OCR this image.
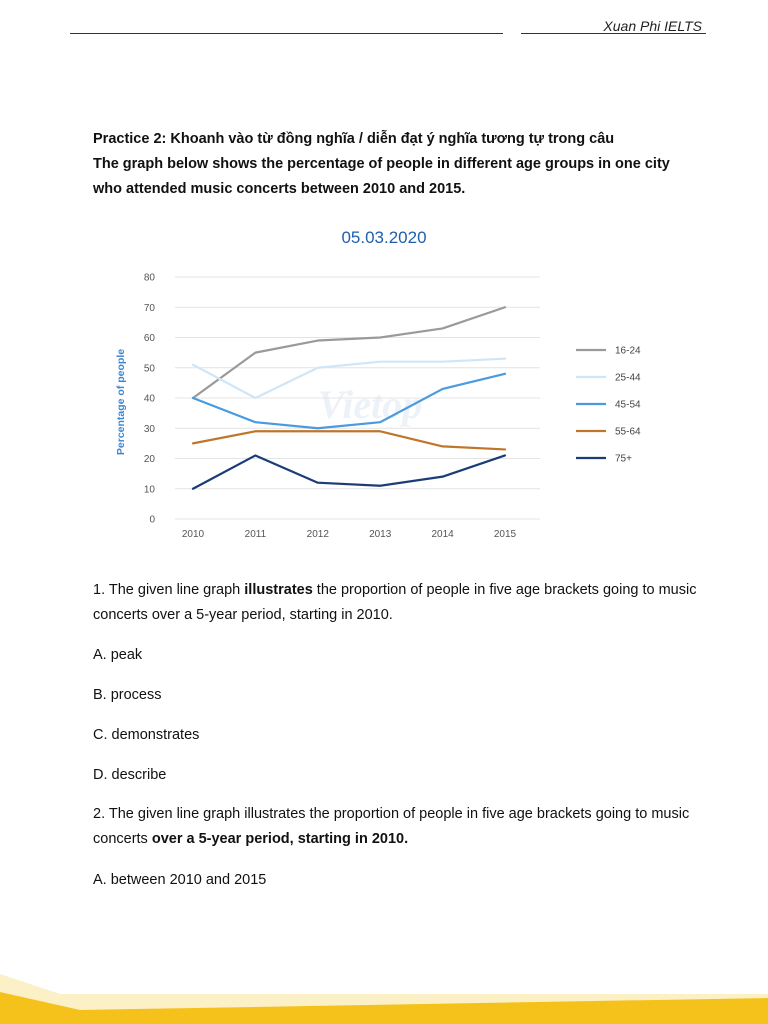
Xuan Phi IELTS

Practice 2: Khoanh vào từ đồng nghĩa / diễn đạt ý nghĩa tương tự trong câu

The graph below shows the percentage of people in different age groups in one city who attended music concerts between 2010 and 2015.

05.03.2020
Percentage of people	Vietop
0
10
20
30
40
50
60
70
80
2010	2011	2012	2013	2014	2015
16-24
25-44
45-54
55-64
75+
1. The given line graph illustrates the proportion of people in five age brackets going to music concerts over a 5-year period, starting in 2010.
A. peak
B. process
C. demonstrates
D. describe
2. The given line graph illustrates the proportion of people in five age brackets going to music concerts over a 5-year period, starting in 2010.
A. between 2010 and 2015
